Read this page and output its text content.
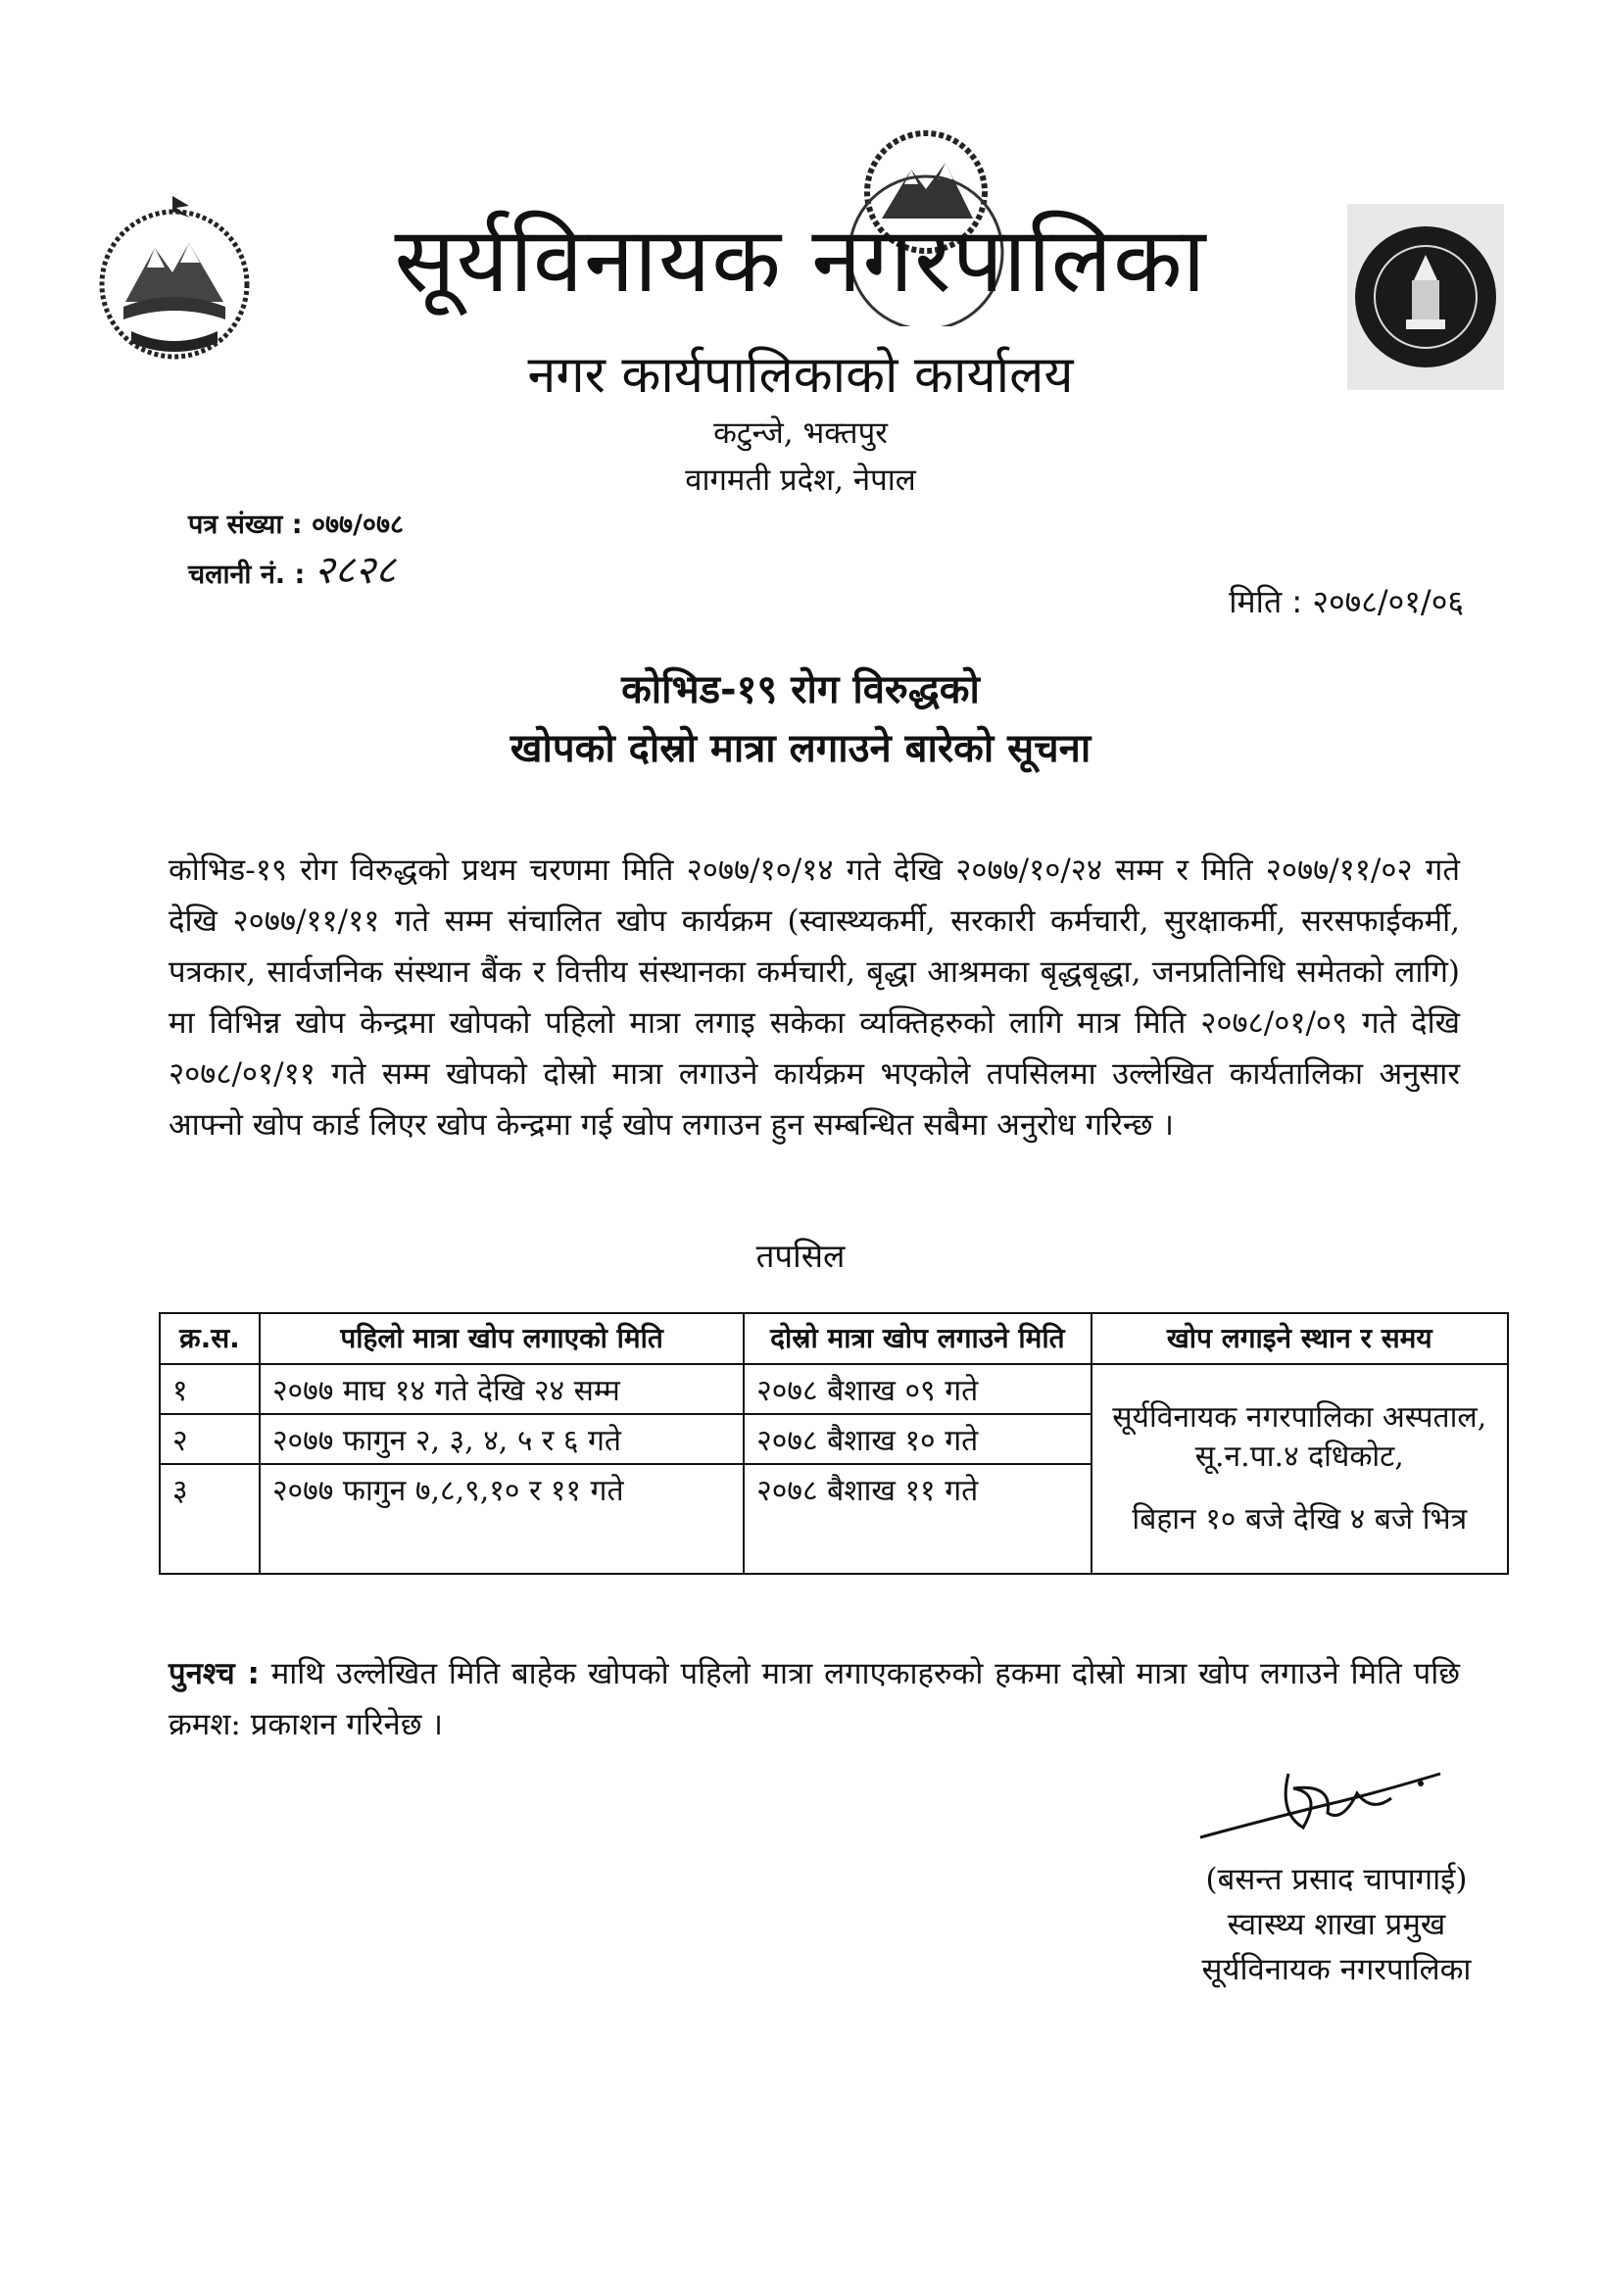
सूर्यविनायक नगरपालिका
नगर कार्यपालिकाको कार्यालय
कटुन्जे, भक्तपुर
वागमती प्रदेश, नेपाल
पत्र संख्या : ०७७/०७८
चलानी नं. : २८२८
मिति : २०७८/०१/०६
कोभिड-१९ रोग विरुद्धको
खोपको दोस्रो मात्रा लगाउने बारेको सूचना
कोभिड-१९ रोग विरुद्धको प्रथम चरणमा मिति २०७७/१०/१४ गते देखि २०७७/१०/२४ सम्म र मिति २०७७/११/०२ गते देखि २०७७/११/११ गते सम्म संचालित खोप कार्यक्रम (स्वास्थ्यकर्मी, सरकारी कर्मचारी, सुरक्षाकर्मी, सरसफाईकर्मी, पत्रकार, सार्वजनिक संस्थान बैंक र वित्तीय संस्थानका कर्मचारी, बृद्धा आश्रमका बृद्धबृद्धा, जनप्रतिनिधि समेतको लागि) मा विभिन्न खोप केन्द्रमा खोपको पहिलो मात्रा लगाइ सकेका व्यक्तिहरुको लागि मात्र मिति २०७८/०१/०९ गते देखि २०७८/०१/११ गते सम्म खोपको दोस्रो मात्रा लगाउने कार्यक्रम भएकोले तपसिलमा उल्लेखित कार्यतालिका अनुसार आफ्नो खोप कार्ड लिएर खोप केन्द्रमा गई खोप लगाउन हुन सम्बन्धित सबैमा अनुरोध गरिन्छ ।
तपसिल
क्र.स.	पहिलो मात्रा खोप लगाएको मिति	दोस्रो मात्रा खोप लगाउने मिति	खोप लगाइने स्थान र समय
१	२०७७ माघ १४ गते देखि २४ सम्म	२०७८ बैशाख ०९ गते	सूर्यविनायक नगरपालिका अस्पताल, सू.न.पा.४ दधिकोट,
बिहान १० बजे देखि ४ बजे भित्र

२	२०७७ फागुन २, ३, ४, ५ र ६ गते	२०७८ बैशाख १० गते	
३	२०७७ फागुन ७,८,९,१० र ११ गते	२०७८ बैशाख ११ गते	
पुनश्च : माथि उल्लेखित मिति बाहेक खोपको पहिलो मात्रा लगाएकाहरुको हकमा दोस्रो मात्रा खोप लगाउने मिति पछि क्रमश: प्रकाशन गरिनेछ ।
(बसन्त प्रसाद चापागाई)
स्वास्थ्य शाखा प्रमुख
सूर्यविनायक नगरपालिका
